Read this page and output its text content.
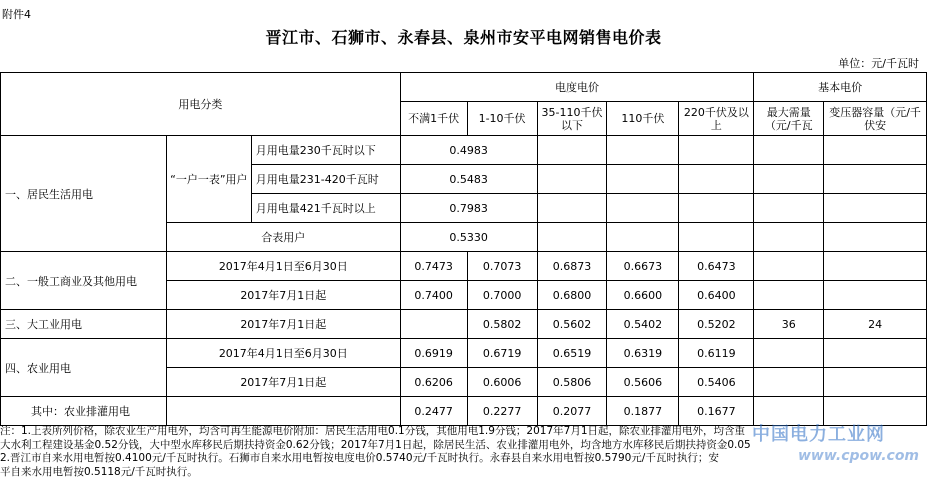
附件4
晋江市、石狮市、永春县、泉州市安平电网销售电价表
单位：元/千瓦时
用电分类			电度电价					基本电价	
			不满1千伏	1-10千伏	35-110千伏以下	110千伏	220千伏及以上	最大需量（元/千瓦	变压器容量（元/千伏安
一、居民生活用电	“一户一表”用户	月用电量230千瓦时以下	0.4983						
		月用电量231-420千瓦时	0.5483						
		月用电量421千瓦时以上	0.7983						
	合表用户		0.5330						
二、一般工商业及其他用电	2017年4月1日至6月30日		0.7473	0.7073	0.6873	0.6673	0.6473		
	2017年7月1日起		0.7400	0.7000	0.6800	0.6600	0.6400		
三、大工业用电	2017年7月1日起			0.5802	0.5602	0.5402	0.5202	36	24
四、农业用电	2017年4月1日至6月30日		0.6919	0.6719	0.6519	0.6319	0.6119		
	2017年7月1日起		0.6206	0.6006	0.5806	0.5606	0.5406		
其中：农业排灌用电			0.2477	0.2277	0.2077	0.1877	0.1677		
注：1.上表所列价格，除农业生产用电外，均含可再生能源电价附加：居民生活用电0.1分钱，其他用电1.9分钱；2017年7月1日起，除农业排灌用电外，均含重
大水利工程建设基金0.52分钱，大中型水库移民后期扶持资金0.62分钱；2017年7月1日起，除居民生活、农业排灌用电外，均含地方水库移民后期扶持资金0.05
2.晋江市自来水用电暂按0.4100元/千瓦时执行。石狮市自来水用电暂按电度电价0.5740元/千瓦时执行。永春县自来水用电暂按0.5790元/千瓦时执行；安
平自来水用电暂按0.5118元/千瓦时执行。
中国电力工业网
www.cpow.com
